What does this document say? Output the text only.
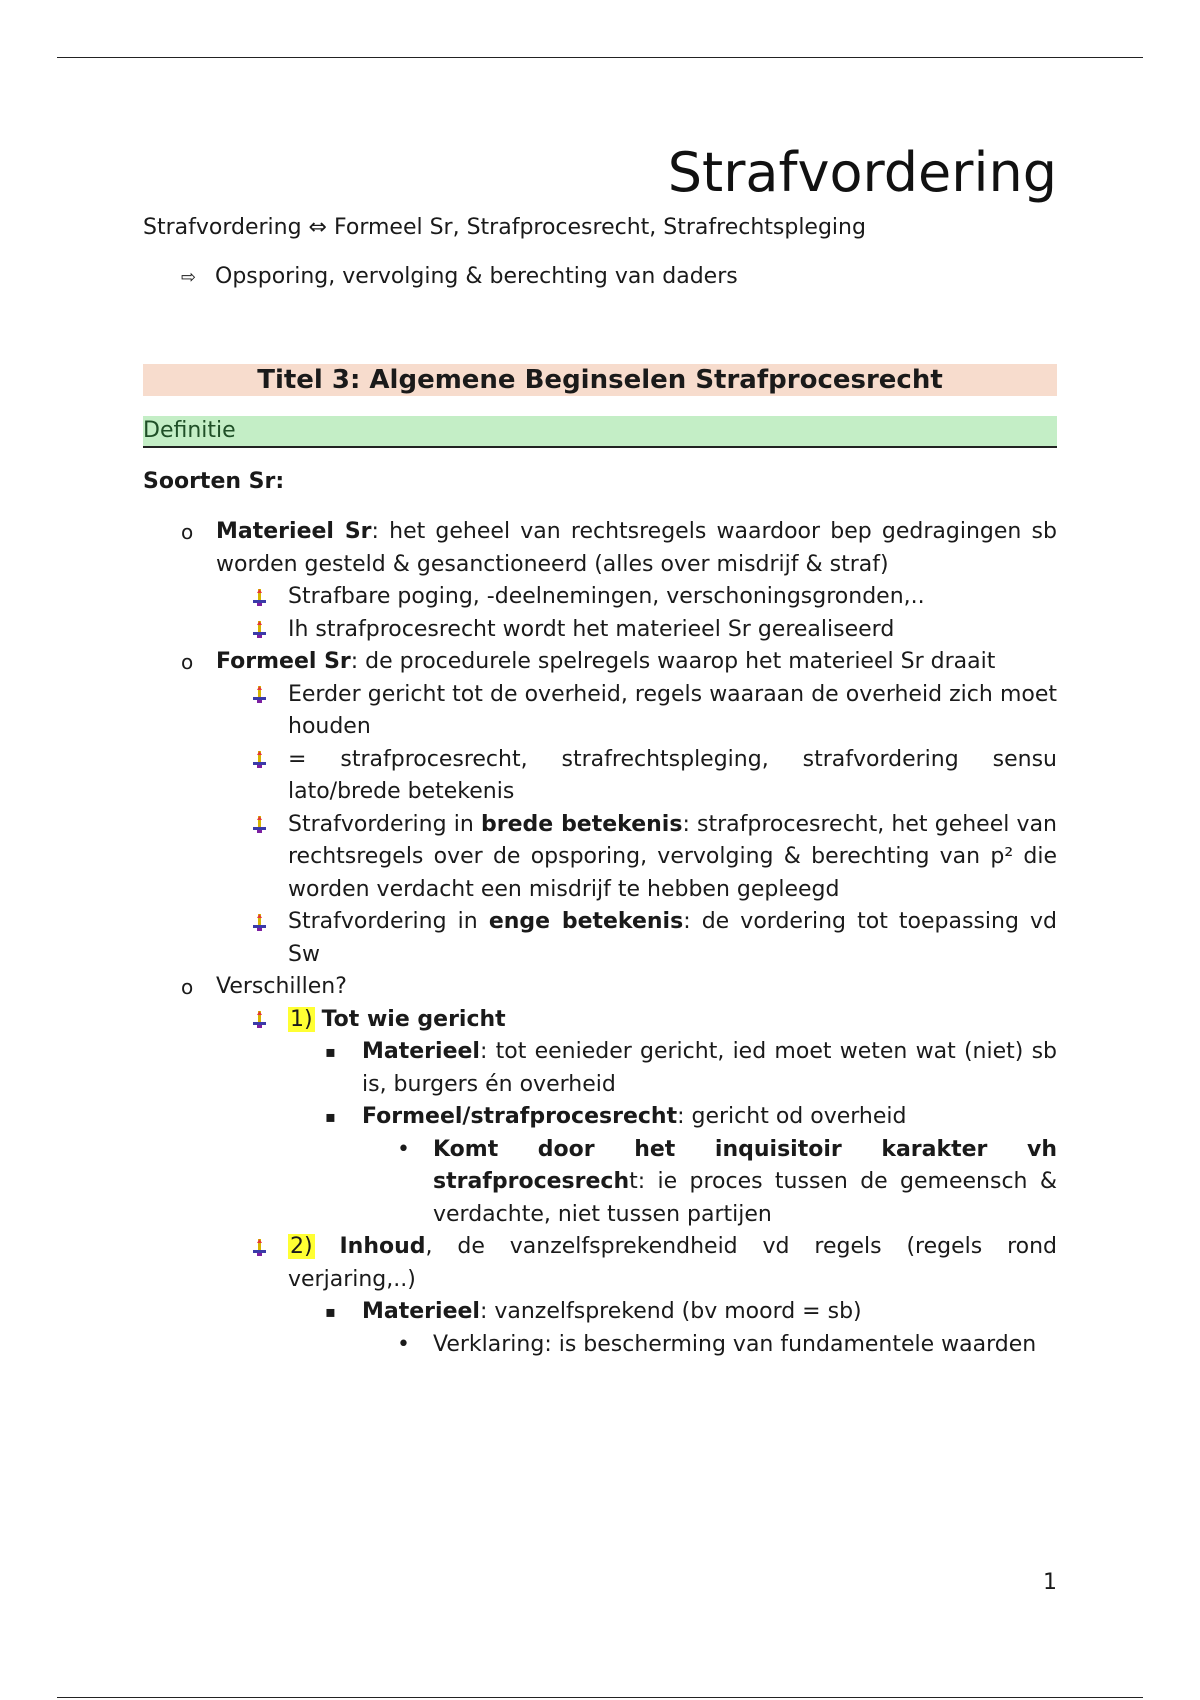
Strafvordering

Strafvordering ⇔ Formeel Sr, Strafprocesrecht, Strafrechtspleging

⇨ Opsporing, vervolging & berechting van daders

Titel 3: Algemene Beginselen Strafprocesrecht
Definitie

Soorten Sr:

o Materieel Sr: het geheel van rechtsregels waardoor bep gedragingen sb worden gesteld & gesanctioneerd (alles over misdrijf & straf)

Strafbare poging, -deelnemingen, verschoningsgronden,..

Ih strafprocesrecht wordt het materieel Sr gerealiseerd

o Formeel Sr: de procedurele spelregels waarop het materieel Sr draait

Eerder gericht tot de overheid, regels waaraan de overheid zich moet houden

= strafprocesrecht, strafrechtspleging, strafvordering sensu lato/brede betekenis

Strafvordering in brede betekenis: strafprocesrecht, het geheel van rechtsregels over de opsporing, vervolging & berechting van p² die worden verdacht een misdrijf te hebben gepleegd

Strafvordering in enge betekenis: de vordering tot toepassing vd Sw

o Verschillen?

1) Tot wie gericht

▪ Materieel: tot eenieder gericht, ied moet weten wat (niet) sb is, burgers én overheid

▪ Formeel/strafprocesrecht: gericht od overheid

• Komt door het inquisitoir karakter vh strafprocesrecht: ie proces tussen de gemeensch & verdachte, niet tussen partijen

2) Inhoud, de vanzelfsprekendheid vd regels (regels rond verjaring,..)

▪ Materieel: vanzelfsprekend (bv moord = sb)

• Verklaring: is bescherming van fundamentele waarden

1
